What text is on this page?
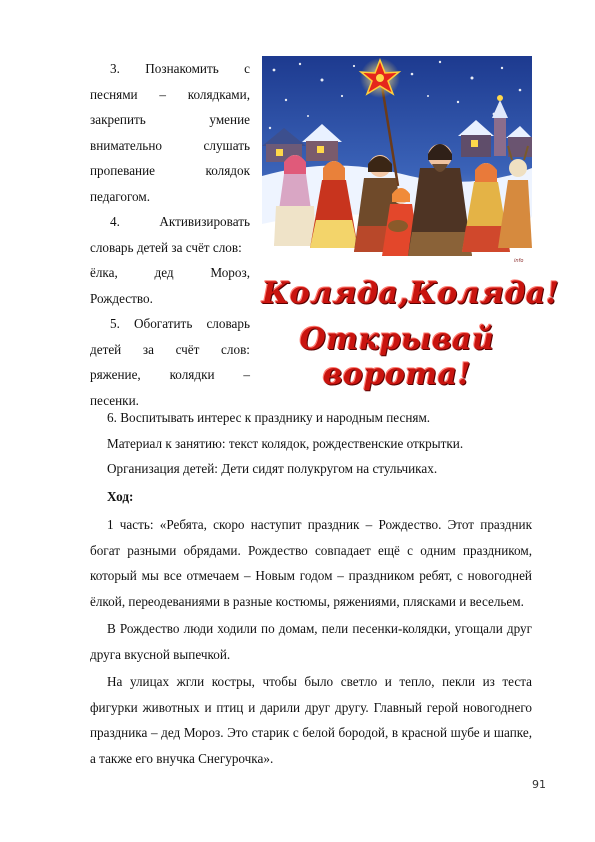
3. Познакомить с
песнями – колядками,
закрепить	умение
внимательно	слушать
пропевание	колядок
педагогом.
4.	Активизировать
словарь детей за счёт слов:
ёлка,	дед	Мороз,
Рождество.
5. Обогатить словарь
детей за счёт слов:
ряжение, колядки –
песенки.
info
Коляда,Коляда!
Открывай ворота!

6. Воспитывать интерес к празднику и народным песням.

Материал к занятию: текст колядок, рождественские открытки.

Организация детей: Дети сидят полукругом на стульчиках.

Ход:

1 часть: «Ребята, скоро наступит праздник – Рождество. Этот праздник богат разными обрядами. Рождество совпадает ещё с одним праздником, который мы все отмечаем – Новым годом – праздником ребят, с новогодней ёлкой, переодеваниями в разные костюмы, ряжениями, плясками и весельем.

В Рождество люди ходили по домам, пели песенки-колядки, угощали друг друга вкусной выпечкой.

На улицах жгли костры, чтобы было светло и тепло, пекли из теста фигурки животных и птиц и дарили друг другу. Главный герой новогоднего праздника – дед Мороз. Это старик с белой бородой, в красной шубе и шапке, а также его внучка Снегурочка».

91
